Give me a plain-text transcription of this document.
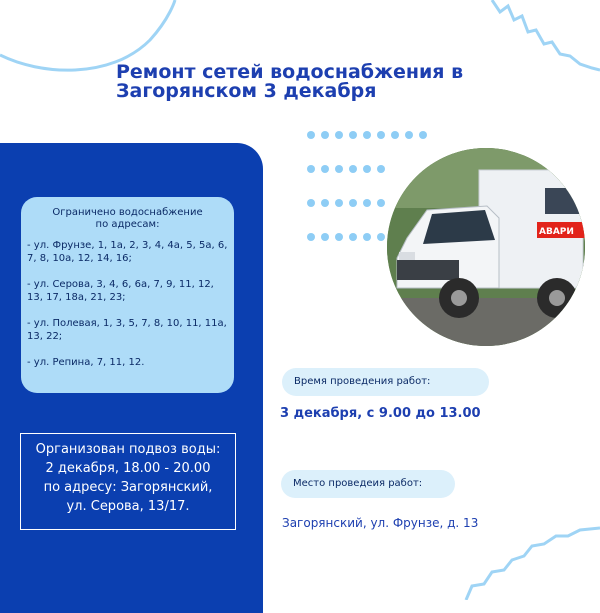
Ремонт сетей водоснабжения в
Загорянском 3 декабря
Ограничено водоснабжение
по адресам:
- ул. Фрунзе, 1, 1а, 2, 3, 4, 4а, 5, 5а, 6, 7, 8, 10а, 12, 14, 16;
- ул. Серова, 3, 4, 6, 6а, 7, 9, 11, 12, 13, 17, 18а, 21, 23;
- ул. Полевая, 1, 3, 5, 7, 8, 10, 11, 11а, 13, 22;
- ул. Репина, 7, 11, 12.
Организован подвоз воды:
2 декабря, 18.00 - 20.00
по адресу: Загорянский,
ул. Серова, 13/17.
АВАРИ
Время проведения работ:
3 декабря, с 9.00 до 13.00
Место проведеия работ:
Загорянский, ул. Фрунзе, д. 13
